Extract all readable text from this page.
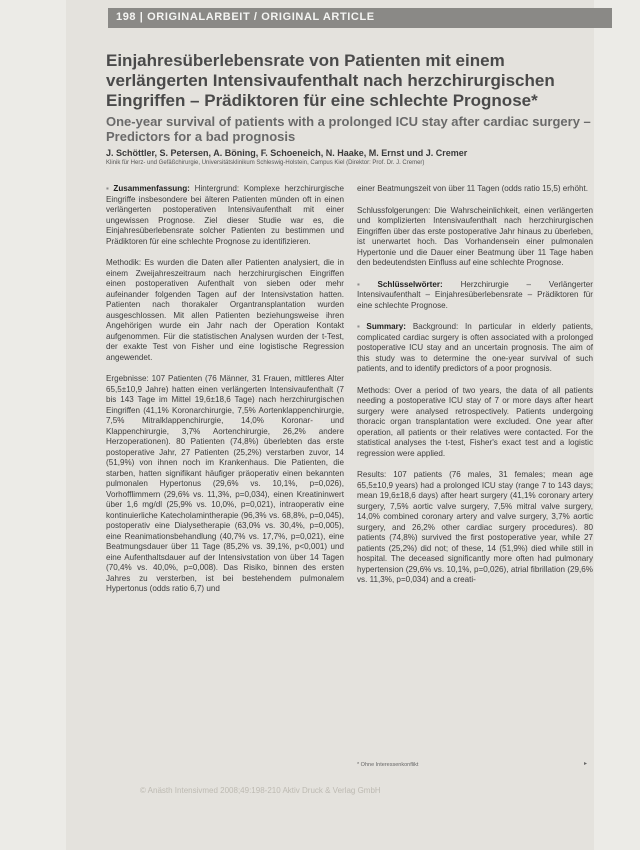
198 | ORIGINALARBEIT / ORIGINAL ARTICLE
Einjahresüberlebensrate von Patienten mit einem verlängerten Intensivaufenthalt nach herzchirurgischen Eingriffen – Prädiktoren für eine schlechte Prognose*
One-year survival of patients with a prolonged ICU stay after cardiac surgery – Predictors for a bad prognosis
J. Schöttler, S. Petersen, A. Böning, F. Schoeneich, N. Haake, M. Ernst und J. Cremer
Klinik für Herz- und Gefäßchirurgie, Universitätsklinikum Schleswig-Holstein, Campus Kiel (Direktor: Prof. Dr. J. Cremer)

▪ Zusammenfassung: Hintergrund: Komplexe herzchirurgische Eingriffe insbesondere bei älteren Patienten münden oft in einen verlängerten postoperativen Intensivaufenthalt mit einer ungewissen Prognose. Ziel dieser Studie war es, die Einjahresüberlebensrate solcher Patienten zu bestimmen und Prädiktoren für eine schlechte Prognose zu identifizieren.

Methodik: Es wurden die Daten aller Patienten analysiert, die in einem Zweijahreszeitraum nach herzchirurgischen Eingriffen einen postoperativen Aufenthalt von sieben oder mehr aufeinander folgenden Tagen auf der Intensivstation hatten. Patienten nach thorakaler Organtransplantation wurden ausgeschlossen. Mit allen Patienten beziehungsweise ihren Angehörigen wurde ein Jahr nach der Operation Kontakt aufgenommen. Für die statistischen Analysen wurden der t-Test, der exakte Test von Fisher und eine logistische Regression angewendet.

Ergebnisse: 107 Patienten (76 Männer, 31 Frauen, mittleres Alter 65,5±10,9 Jahre) hatten einen verlängerten Intensivaufenthalt (7 bis 143 Tage im Mittel 19,6±18,6 Tage) nach herzchirurgischen Eingriffen (41,1% Koronarchirurgie, 7,5% Aortenklappenchirurgie, 7,5% Mitralklappenchirurgie, 14,0% Koronar- und Klappenchirurgie, 3,7% Aortenchirurgie, 26,2% andere Herzoperationen). 80 Patienten (74,8%) überlebten das erste postoperative Jahr, 27 Patienten (25,2%) verstarben zuvor, 14 (51,9%) von ihnen noch im Krankenhaus. Die Patienten, die starben, hatten signifikant häufiger präoperativ einen bekannten pulmonalen Hypertonus (29,6% vs. 10,1%, p=0,026), Vorhofflimmern (29,6% vs. 11,3%, p=0,034), einen Kreatininwert über 1,6 mg/dl (25,9% vs. 10,0%, p=0,021), intraoperativ eine kontinuierliche Katecholamintherapie (96,3% vs. 68,8%, p=0,045), postoperativ eine Dialysetherapie (63,0% vs. 30,4%, p=0,005), eine Reanimationsbehandlung (40,7% vs. 17,7%, p=0,021), eine Beatmungsdauer über 11 Tage (85,2% vs. 39,1%, p<0,001) und eine Aufenthaltsdauer auf der Intensivstation von über 14 Tagen (70,4% vs. 40,0%, p=0,008). Das Risiko, binnen des ersten Jahres zu versterben, ist bei bestehendem pulmonalem Hypertonus (odds ratio 6,7) und

einer Beatmungszeit von über 11 Tagen (odds ratio 15,5) erhöht.

Schlussfolgerungen: Die Wahrscheinlichkeit, einen verlängerten und komplizierten Intensivaufenthalt nach herzchirurgischen Eingriffen über das erste postoperative Jahr hinaus zu überleben, ist unerwartet hoch. Das Vorhandensein einer pulmonalen Hypertonie und die Dauer einer Beatmung über 11 Tage haben den bedeutendsten Einfluss auf eine schlechte Prognose.

▪ Schlüsselwörter: Herzchirurgie – Verlängerter Intensivaufenthalt – Einjahresüberlebensrate – Prädiktoren für eine schlechte Prognose.

▪ Summary: Background: In particular in elderly patients, complicated cardiac surgery is often associated with a prolonged postoperative ICU stay and an uncertain prognosis. The aim of this study was to determine the one-year survival of such patients, and to identify predictors of a poor prognosis.

Methods: Over a period of two years, the data of all patients needing a postoperative ICU stay of 7 or more days after heart surgery were analysed retrospectively. Patients undergoing thoracic organ transplantation were excluded. One year after operation, all patients or their relatives were contacted. For the statistical analyses the t-test, Fisher's exact test and a logistic regression were applied.

Results: 107 patients (76 males, 31 females; mean age 65,5±10,9 years) had a prolonged ICU stay (range 7 to 143 days; mean 19,6±18,6 days) after heart surgery (41,1% coronary artery surgery, 7,5% aortic valve surgery, 7,5% mitral valve surgery, 14,0% combined coronary artery and valve surgery, 3,7% aortic surgery, and 26,2% other cardiac surgery procedures). 80 patients (74,8%) survived the first postoperative year, while 27 patients (25,2%) did not; of these, 14 (51,9%) died while still in hospital. The deceased significantly more often had pulmonary hypertension (29,6% vs. 10,1%, p=0,026), atrial fibrillation (29,6% vs. 11,3%, p=0,034) and a creati-

* Ohne Interessenkonflikt	▸
© Anästh Intensivmed 2008;49:198-210 Aktiv Druck & Verlag GmbH
